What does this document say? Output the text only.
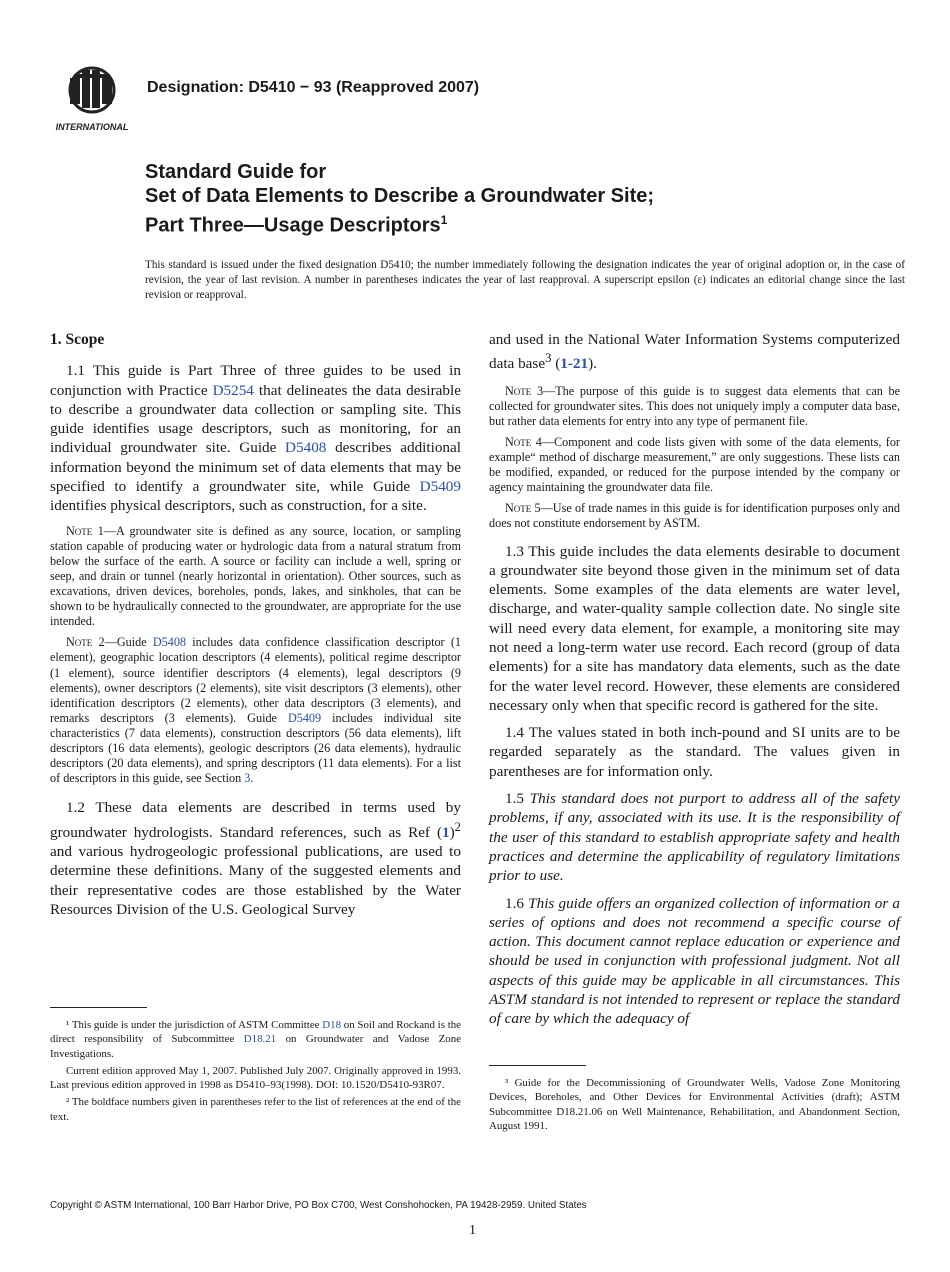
INTERNATIONAL
Designation: D5410 − 93 (Reapproved 2007)
Standard Guide for
Set of Data Elements to Describe a Groundwater Site;
Part Three—Usage Descriptors$^1$
This standard is issued under the fixed designation D5410; the number immediately following the designation indicates the year of original adoption or, in the case of revision, the year of last revision. A number in parentheses indicates the year of last reapproval. A superscript epsilon (ε) indicates an editorial change since the last revision or reapproval.
1. Scope

1.1 This guide is Part Three of three guides to be used in conjunction with Practice D5254 that delineates the data desirable to describe a groundwater data collection or sampling site. This guide identifies usage descriptors, such as monitoring, for an individual groundwater site. Guide D5408 describes additional information beyond the minimum set of data elements that may be specified to identify a groundwater site, while Guide D5409 identifies physical descriptors, such as construction, for a site.

Note 1—A groundwater site is defined as any source, location, or sampling station capable of producing water or hydrologic data from a natural stratum from below the surface of the earth. A source or facility can include a well, spring or seep, and drain or tunnel (nearly horizontal in orientation). Other sources, such as excavations, driven devices, boreholes, ponds, lakes, and sinkholes, that can be shown to be hydraulically connected to the groundwater, are appropriate for the use intended.
Note 2—Guide D5408 includes data confidence classification descriptor (1 element), geographic location descriptors (4 elements), political regime descriptor (1 element), source identifier descriptors (4 elements), legal descriptors (9 elements), owner descriptors (2 elements), site visit descriptors (3 elements), other identification descriptors (2 elements), other data descriptors (3 elements), and remarks descriptors (3 elements). Guide D5409 includes individual site characteristics (7 data elements), construction descriptors (56 data elements), lift descriptors (16 data elements), geologic descriptors (26 data elements), hydraulic descriptors (20 data elements), and spring descriptors (11 data elements). For a list of descriptors in this guide, see Section 3.

1.2 These data elements are described in terms used by groundwater hydrologists. Standard references, such as Ref $(1)^2$ and various hydrogeologic professional publications, are used to determine these definitions. Many of the suggested elements and their representative codes are those established by the Water Resources Division of the U.S. Geological Survey

¹ This guide is under the jurisdiction of ASTM Committee D18 on Soil and Rockand is the direct responsibility of Subcommittee D18.21 on Groundwater and Vadose Zone Investigations.

Current edition approved May 1, 2007. Published July 2007. Originally approved in 1993. Last previous edition approved in 1998 as D5410–93(1998). DOI: 10.1520/D5410-93R07.

² The boldface numbers given in parentheses refer to the list of references at the end of the text.

and used in the National Water Information Systems computerized data base$^3$ (1-21).

Note 3—The purpose of this guide is to suggest data elements that can be collected for groundwater sites. This does not uniquely imply a computer data base, but rather data elements for entry into any type of permanent file.
Note 4—Component and code lists given with some of the data elements, for example“ method of discharge measurement,” are only suggestions. These lists can be modified, expanded, or reduced for the purpose intended by the company or agency maintaining the groundwater data file.
Note 5—Use of trade names in this guide is for identification purposes only and does not constitute endorsement by ASTM.

1.3 This guide includes the data elements desirable to document a groundwater site beyond those given in the minimum set of data elements. Some examples of the data elements are water level, discharge, and water-quality sample collection date. No single site will need every data element, for example, a monitoring site may not need a long-term water use record. Each record (group of data elements) for a site has mandatory data elements, such as the date for the water level record. However, these elements are considered necessary only when that specific record is gathered for the site.

1.4 The values stated in both inch-pound and SI units are to be regarded separately as the standard. The values given in parentheses are for information only.

1.5 This standard does not purport to address all of the safety problems, if any, associated with its use. It is the responsibility of the user of this standard to establish appropriate safety and health practices and determine the applicability of regulatory limitations prior to use.

1.6 This guide offers an organized collection of information or a series of options and does not recommend a specific course of action. This document cannot replace education or experience and should be used in conjunction with professional judgment. Not all aspects of this guide may be applicable in all circumstances. This ASTM standard is not intended to represent or replace the standard of care by which the adequacy of

³ Guide for the Decommissioning of Groundwater Wells, Vadose Zone Monitoring Devices, Boreholes, and Other Devices for Environmental Activities (draft); ASTM Subcommittee D18.21.06 on Well Maintenance, Rehabilitation, and Abandonment Section, August 1991.

Copyright © ASTM International, 100 Barr Harbor Drive, PO Box C700, West Conshohocken, PA 19428-2959. United States
1
